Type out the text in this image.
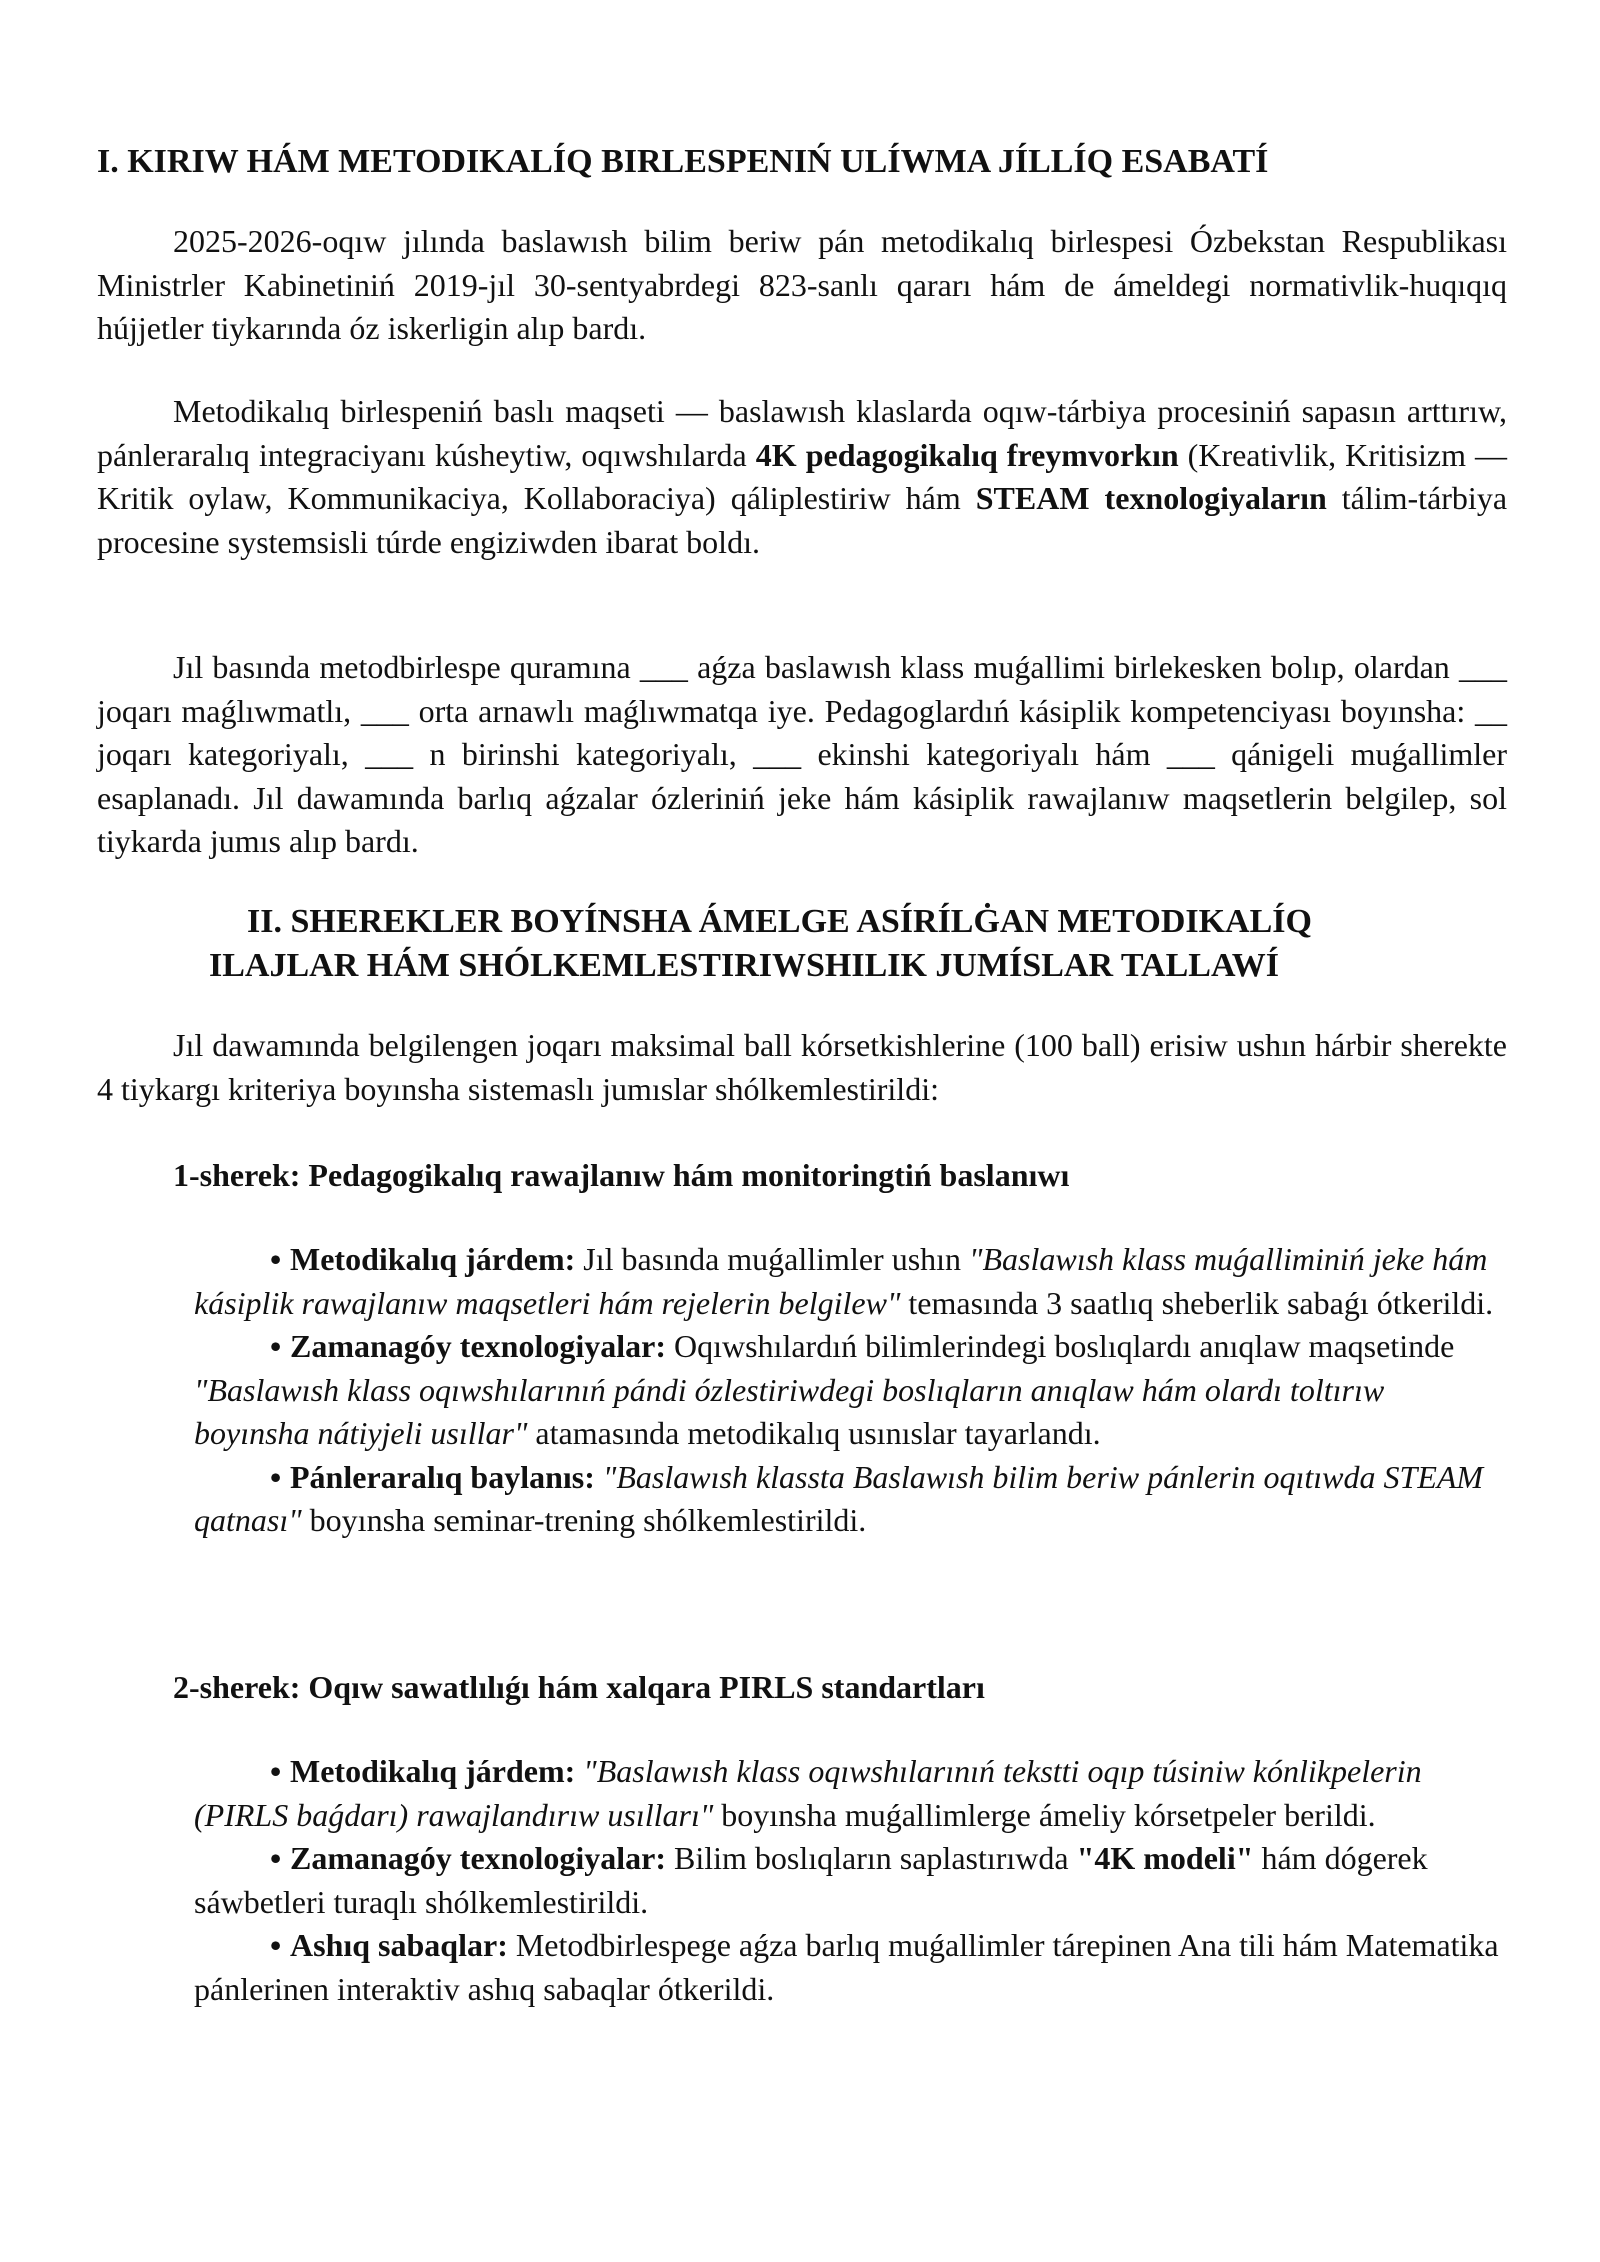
I. KIRIW HÁM METODIKALÍQ BIRLESPENIŃ ULÍWMA JÍLLÍQ ESABATÍ
2025-2026-oqıw jılında baslawısh bilim beriw pán metodikalıq birlespesi Ózbekstan Respublikası Ministrler Kabinetiniń 2019-jıl 30-sentyabrdegi 823-sanlı qararı hám de ámeldegi normativlik-huqıqıq hújjetler tiykarında óz iskerligin alıp bardı.
Metodikalıq birlespeniń baslı maqseti — baslawısh klaslarda oqıw-tárbiya procesiniń sapasın arttırıw, pánleraralıq integraciyanı kúsheytiw, oqıwshılarda 4K pedagogikalıq freymvorkın (Kreativlik, Kritisizm — Kritik oylaw, Kommunikaciya, Kollaboraciya) qáliplestiriw hám STEAM texnologiyaların tálim-tárbiya procesine systemsisli túrde engiziwden ibarat boldı.
Jıl basında metodbirlespe quramına ___ aǵza baslawısh klass muǵallimi birlekesken bolıp, olardan ___ joqarı maǵlıwmatlı, ___ orta arnawlı maǵlıwmatqa iye. Pedagoglardıń kásiplik kompetenciyası boyınsha: __ joqarı kategoriyalı, ___ n birinshi kategoriyalı, ___ ekinshi kategoriyalı hám ___ qánigeli muǵallimler esaplanadı. Jıl dawamında barlıq aǵzalar ózleriniń jeke hám kásiplik rawajlanıw maqsetlerin belgilep, sol tiykarda jumıs alıp bardı.
II. SHEREKLER BOYÍNSHA ÁMELGE ASÍRÍLĠAN METODIKALÍQ
ILAJLAR HÁM SHÓLKEMLESTIRIWSHILIK JUMÍSLAR TALLAWÍ
Jıl dawamında belgilengen joqarı maksimal ball kórsetkishlerine (100 ball) erisiw ushın hárbir sherekte 4 tiykargı kriteriya boyınsha sistemaslı jumıslar shólkemlestirildi:
1-sherek: Pedagogikalıq rawajlanıw hám monitoringtiń baslanıwı
• Metodikalıq járdem: Jıl basında muǵallimler ushın "Baslawısh klass muǵalliminiń jeke hám kásiplik rawajlanıw maqsetleri hám rejelerin belgilew" temasında 3 saatlıq sheberlik sabaǵı ótkerildi.
• Zamanagóy texnologiyalar: Oqıwshılardıń bilimlerindegi boslıqlardı anıqlaw maqsetinde "Baslawısh klass oqıwshılarınıń pándi ózlestiriwdegi boslıqların anıqlaw hám olardı toltırıw boyınsha nátiyjeli usıllar" atamasında metodikalıq usınıslar tayarlandı.
• Pánleraralıq baylanıs: "Baslawısh klassta Baslawısh bilim beriw pánlerin oqıtıwda STEAM qatnası" boyınsha seminar-trening shólkemlestirildi.
2-sherek: Oqıw sawatlılıǵı hám xalqara PIRLS standartları
• Metodikalıq járdem: "Baslawısh klass oqıwshılarınıń tekstti oqıp túsiniw kónlikpelerin (PIRLS baǵdarı) rawajlandırıw usılları" boyınsha muǵallimlerge ámeliy kórsetpeler berildi.
• Zamanagóy texnologiyalar: Bilim boslıqların saplastırıwda "4K modeli" hám dógerek sáwbetleri turaqlı shólkemlestirildi.
• Ashıq sabaqlar: Metodbirlespege aǵza barlıq muǵallimler tárepinen Ana tili hám Matematika pánlerinen interaktiv ashıq sabaqlar ótkerildi.
